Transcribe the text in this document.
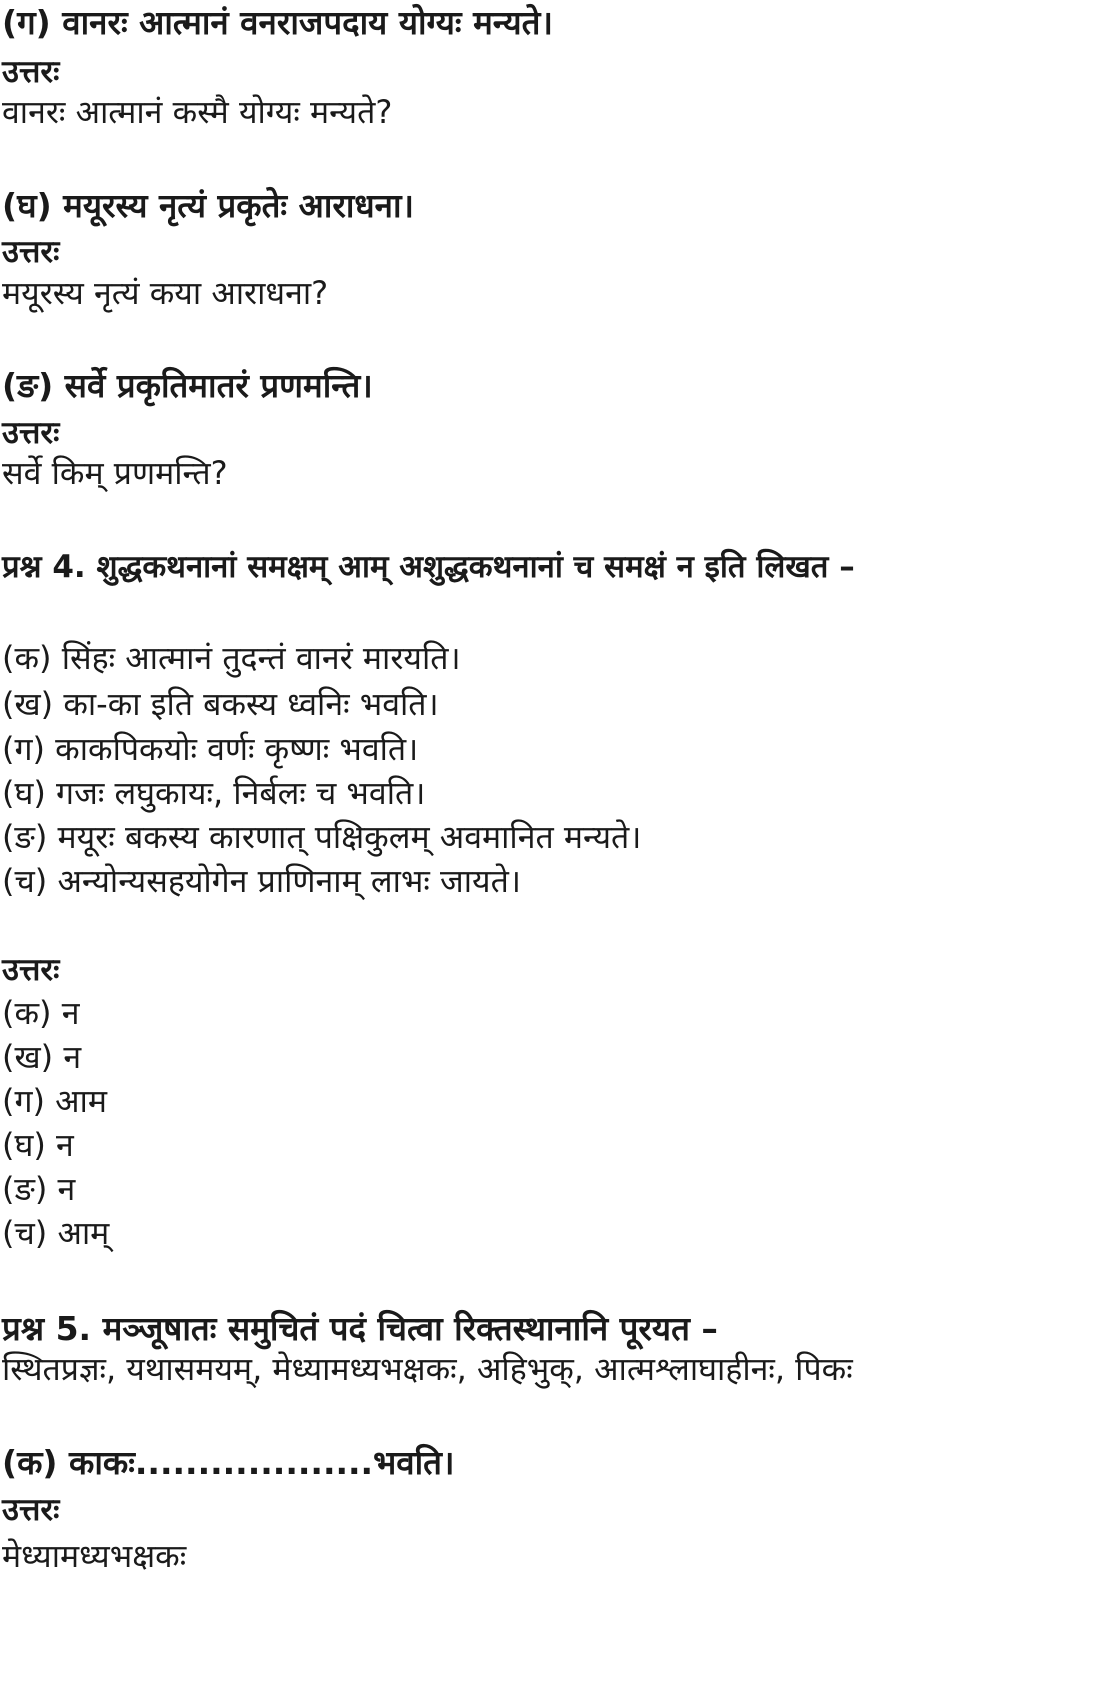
(ग) वानरः आत्मानं वनराजपदाय योग्यः मन्यते।
उत्तरः
वानरः आत्मानं कस्मै योग्यः मन्यते?
(घ) मयूरस्य नृत्यं प्रकृतेः आराधना।
उत्तरः
मयूरस्य नृत्यं कया आराधना?
(ङ) सर्वे प्रकृतिमातरं प्रणमन्ति।
उत्तरः
सर्वे किम् प्रणमन्ति?
प्रश्न 4. शुद्धकथनानां समक्षम् आम् अशुद्धकथनानां च समक्षं न इति लिखत –
(क) सिंहः आत्मानं तुदन्तं वानरं मारयति।
(ख) का-का इति बकस्य ध्वनिः भवति।
(ग) काकपिकयोः वर्णः कृष्णः भवति।
(घ) गजः लघुकायः, निर्बलः च भवति।
(ङ) मयूरः बकस्य कारणात् पक्षिकुलम् अवमानित मन्यते।
(च) अन्योन्यसहयोगेन प्राणिनाम् लाभः जायते।
उत्तरः
(क) न
(ख) न
(ग) आम
(घ) न
(ङ) न
(च) आम्
प्रश्न 5. मञ्जूषातः समुचितं पदं चित्वा रिक्तस्थानानि पूरयत –
स्थितप्रज्ञः, यथासमयम्, मेध्यामध्यभक्षकः, अहिभुक्, आत्मश्लाघाहीनः, पिकः
(क) काकः...................भवति।
उत्तरः
मेध्यामध्यभक्षकः
